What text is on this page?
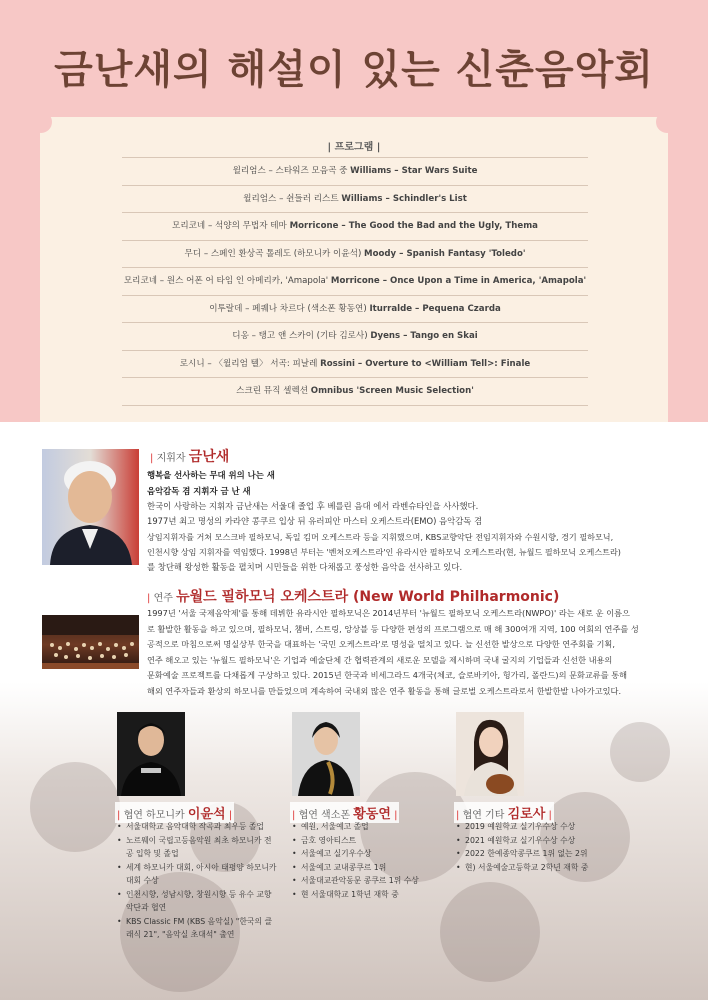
금난새의 해설이 있는 신춘음악회
| 프로그램 |
윌리엄스 – 스타워즈 모음곡 중 Williams – Star Wars Suite
윌리엄스 – 쉰들러 리스트 Williams – Schindler's List
모리코네 – 석양의 무법자 테마 Morricone – The Good the Bad and the Ugly, Thema
무디 – 스페인 환상곡 톨레도 (하모니카 이윤석) Moody – Spanish Fantasy 'Toledo'
모리코네 – 원스 어폰 어 타임 인 아메리카, 'Amapola' Morricone – Once Upon a Time in America, 'Amapola'
이투랄데 – 페퀘나 차르다 (색소폰 황동연) Iturralde – Pequena Czarda
디옹 – 탱고 앤 스카이 (기타 김로사) Dyens – Tango en Skai
로시니 – 〈윌리엄 텔〉 서곡: 피날레 Rossini – Overture to <William Tell>: Finale
스크린 뮤직 셀렉션 Omnibus 'Screen Music Selection'
| 지휘자 금난새
행복을 선사하는 무대 위의 나는 새
음악감독 겸 지휘자 금 난 새
한국이 사랑하는 지휘자 금난새는 서울대 졸업 후 베를린 음대 에서 라벤슈타인을 사사했다.
1977년 최고 명성의 카라얀 콩쿠르 입상 뒤 유러피안 마스터 오케스트라(EMO) 음악감독 겸
상임지휘자를 거쳐 모스크바 필하모닉, 독일 킴머 오케스트라 등을 지휘했으며, KBS교향악단 전임지휘자와 수원시향, 경기 필하모닉,
인천시향 상임 지휘자를 역임했다. 1998년 부터는 '벤처오케스트라'인 유라시안 필하모닉 오케스트라(현, 뉴월드 필하모닉 오케스트라)
를 창단해 왕성한 활동을 펼치며 시민들을 위한 다채롭고 풍성한 음악을 선사하고 있다.
| 연주 뉴월드 필하모닉 오케스트라 (New World Philharmonic)
1997년 '서울 국제음악제'를 통해 데뷔한 유라시안 필하모닉은 2014년부터 '뉴월드 필하모닉 오케스트라(NWPO)' 라는 새로 운 이름으
로 활발한 활동을 하고 있으며, 필하모닉, 챔버, 스트링, 앙상블 등 다양한 편성의 프로그램으로 매 해 300여개 지역, 100 여회의 연주를 성
공적으로 마침으로써 명실상부 한국을 대표하는 '국민 오케스트라'로 명성을 떨치고 있다. 늘 신선한 발상으로 다양한 연주회를 기획,
연주 해오고 있는 '뉴월드 필하모닉'은 기업과 예술단체 간 협력관계의 새로운 모델을 제시하며 국내 굴지의 기업들과 신선한 내용의
문화예술 프로젝트를 다채롭게 구상하고 있다. 2015년 한국과 비세그라드 4개국(체코, 슬로바키아, 헝가리, 폴란드)의 문화교류를 통해
해외 연주자들과 환상의 하모니를 만들었으며 계속하여 국내외 많은 연주 활동을 통해 글로벌 오케스트라로서 한발한발 나아가고있다.
| 협연 하모니카 이윤석 |
• 서울대학교 음악대학 작곡과 최우등 졸업
• 노르웨이 국립고등음악원 최초 하모니카 전공 입학 및 졸업
• 세계 하모니카 대회, 아시아 태평양 하모니카 대회 수상
• 인천시향, 성남시향, 창원시향 등 유수 교향악단과 협연
• KBS Classic FM (KBS 음악실) "한국의 클래식 21", "음악실 초대석" 출연
| 협연 색소폰 황동연 |
• 예원, 서울예고 졸업
• 금호 영아티스트
• 서울예고 실기우수상
• 서울예고 교내콩쿠르 1위
• 서울대교관악동문 콩쿠르 1위 수상
• 현 서울대학교 1학년 재학 중
| 협연 기타 김로사 |
• 2019 예원학교 실기우수상 수상
• 2021 예원학교 실기우수상 수상
• 2022 한예종악콩쿠르 1위 없는 2위
• 현) 서울예술고등학교 2학년 재학 중
